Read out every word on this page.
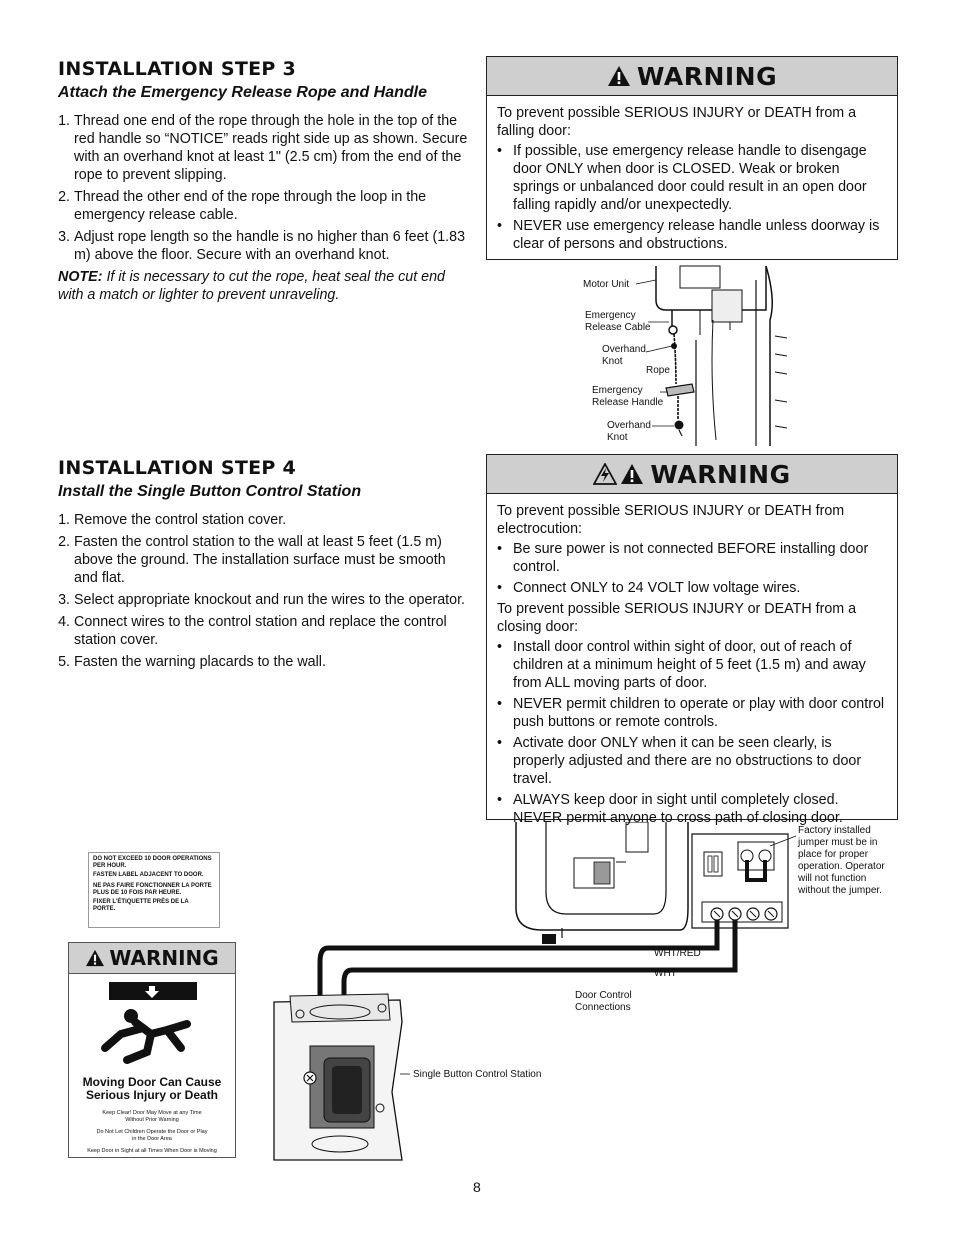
INSTALLATION STEP 3
Attach the Emergency Release Rope and Handle
1. Thread one end of the rope through the hole in the top of the red handle so “NOTICE” reads right side up as shown. Secure with an overhand knot at least 1" (2.5 cm) from the end of the rope to prevent slipping.
2. Thread the other end of the rope through the loop in the emergency release cable.
3. Adjust rope length so the handle is no higher than 6 feet (1.83 m) above the floor. Secure with an overhand knot.
NOTE: If it is necessary to cut the rope, heat seal the cut end with a match or lighter to prevent unraveling.
WARNING

To prevent possible SERIOUS INJURY or DEATH from a falling door:

• If possible, use emergency release handle to disengage door ONLY when door is CLOSED. Weak or broken springs or unbalanced door could result in an open door falling rapidly and/or unexpectedly.
• NEVER use emergency release handle unless doorway is clear of persons and obstructions.
Motor Unit
Emergency
Release Cable
Overhand
Knot
Rope
Emergency
Release Handle
Overhand
Knot
INSTALLATION STEP 4
Install the Single Button Control Station
1. Remove the control station cover.
2. Fasten the control station to the wall at least 5 feet (1.5 m) above the ground. The installation surface must be smooth and flat.
3. Select appropriate knockout and run the wires to the operator.
4. Connect wires to the control station and replace the control station cover.
5. Fasten the warning placards to the wall.
WARNING

To prevent possible SERIOUS INJURY or DEATH from electrocution:

• Be sure power is not connected BEFORE installing door control.
• Connect ONLY to 24 VOLT low voltage wires.

To prevent possible SERIOUS INJURY or DEATH from a closing door:

• Install door control within sight of door, out of reach of children at a minimum height of 5 feet (1.5 m) and away from ALL moving parts of door.
• NEVER permit children to operate or play with door control push buttons or remote controls.
• Activate door ONLY when it can be seen clearly, is properly adjusted and there are no obstructions to door travel.
• ALWAYS keep door in sight until completely closed. NEVER permit anyone to cross path of closing door.
DO NOT EXCEED 10 DOOR OPERATIONS
PER HOUR.
FASTEN LABEL ADJACENT TO DOOR.
NE PAS FAIRE FONCTIONNER LA PORTE
PLUS DE 10 FOIS PAR HEURE.
FIXER L'ÉTIQUETTE PRÈS DE LA
PORTE.
WARNING
Moving Door Can Cause
Serious Injury or Death
Keep Clear! Door May Move at any Time
Without Prior Warning
Do Not Let Children Operate the Door or Play
in the Door Area
Keep Door in Sight at all Times When Door is Moving
Factory installed
jumper must be in
place for proper
operation. Operator
will not function
without the jumper.
WHT/RED
WHT
Door Control
Connections
Single Button Control Station
8
